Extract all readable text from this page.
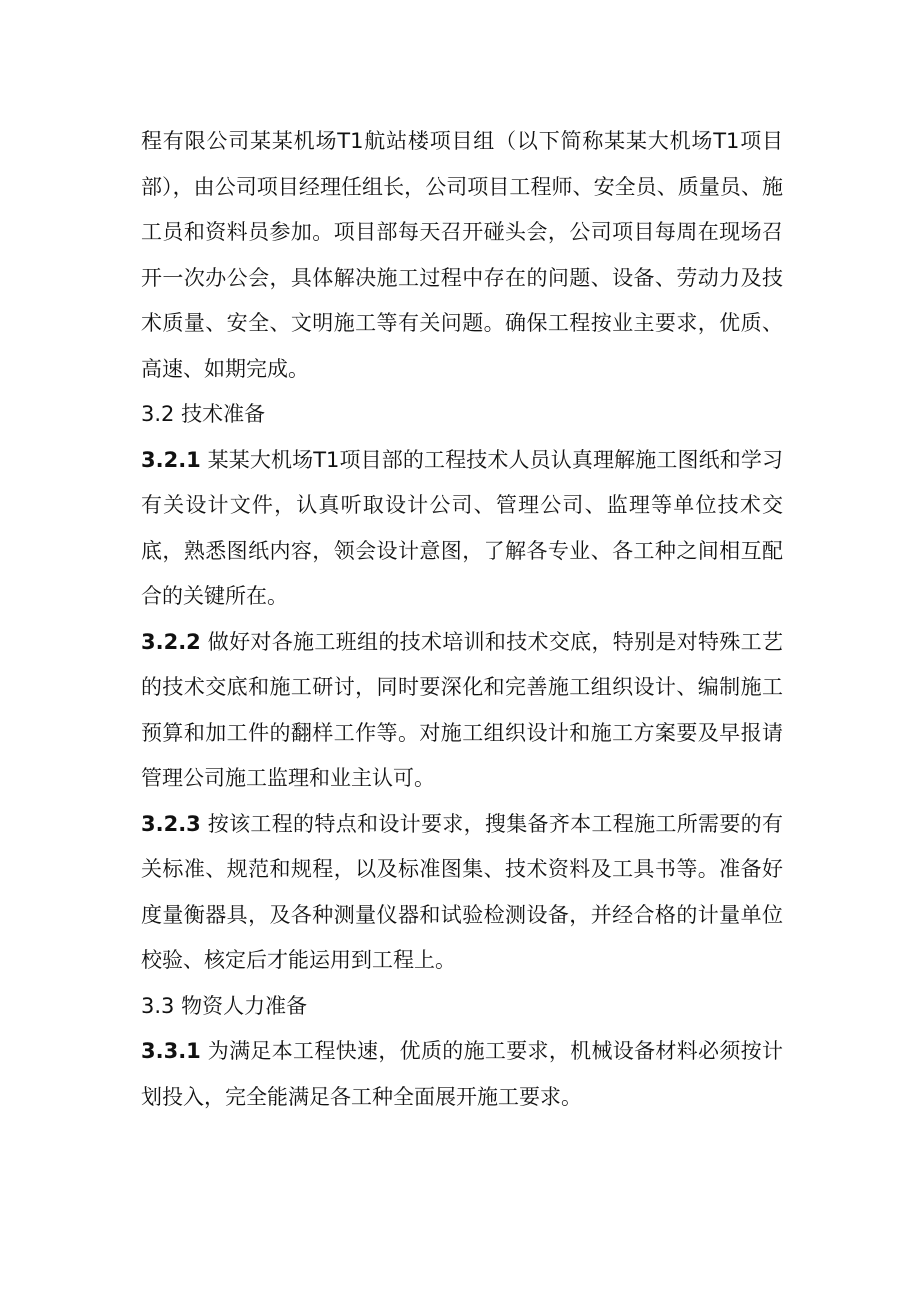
程有限公司某某机场T1航站楼项目组（以下简称某某大机场T1项目部），由公司项目经理任组长，公司项目工程师、安全员、质量员、施工员和资料员参加。项目部每天召开碰头会，公司项目每周在现场召开一次办公会，具体解决施工过程中存在的问题、设备、劳动力及技术质量、安全、文明施工等有关问题。确保工程按业主要求，优质、高速、如期完成。

3.2 技术准备

3.2.1 某某大机场T1项目部的工程技术人员认真理解施工图纸和学习有关设计文件，认真听取设计公司、管理公司、监理等单位技术交底，熟悉图纸内容，领会设计意图，了解各专业、各工种之间相互配合的关键所在。

3.2.2 做好对各施工班组的技术培训和技术交底，特别是对特殊工艺的技术交底和施工研讨，同时要深化和完善施工组织设计、编制施工预算和加工件的翻样工作等。对施工组织设计和施工方案要及早报请管理公司施工监理和业主认可。

3.2.3 按该工程的特点和设计要求，搜集备齐本工程施工所需要的有关标准、规范和规程，以及标准图集、技术资料及工具书等。准备好度量衡器具，及各种测量仪器和试验检测设备，并经合格的计量单位校验、核定后才能运用到工程上。

3.3 物资人力准备

3.3.1 为满足本工程快速，优质的施工要求，机械设备材料必须按计划投入，完全能满足各工种全面展开施工要求。
